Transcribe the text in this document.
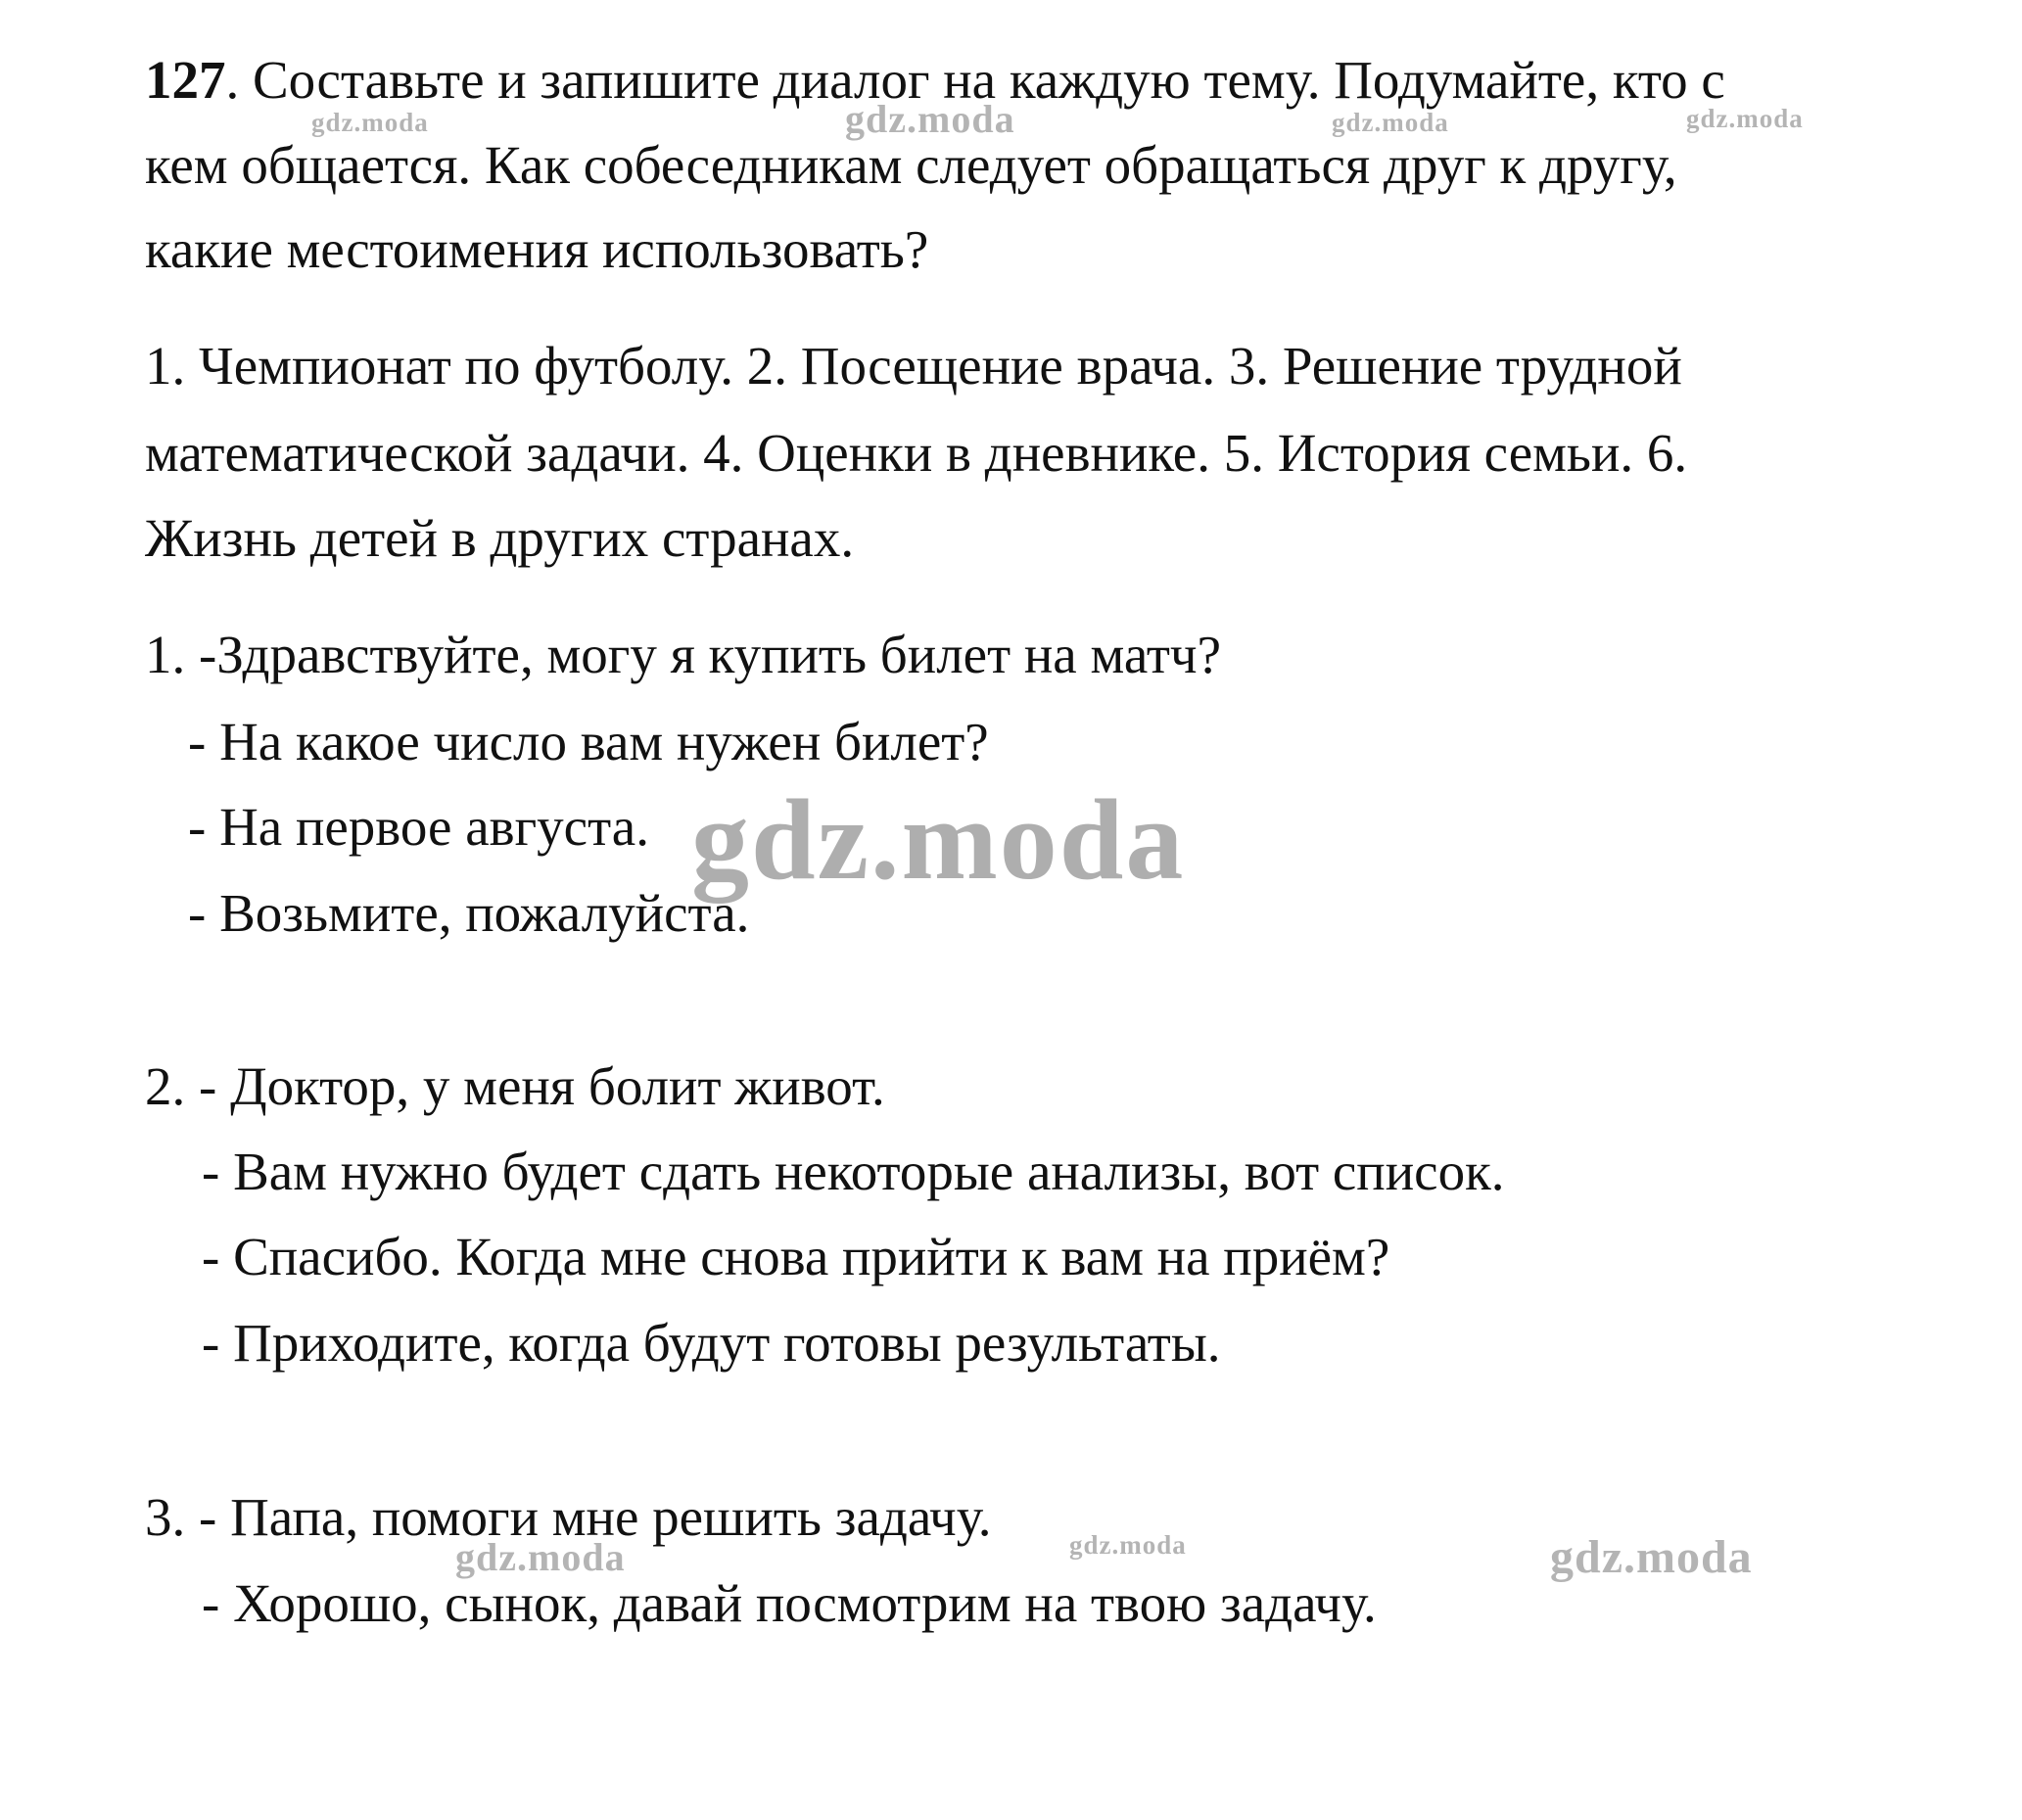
127. Составьте и запишите диалог на каждую тему. Подумайте, кто с
кем общается. Как собеседникам следует обращаться друг к другу,
какие местоимения использовать?
1. Чемпионат по футболу. 2. Посещение врача. 3. Решение трудной
математической задачи. 4. Оценки в дневнике. 5. История семьи. 6.
Жизнь детей в других странах.
1. -Здравствуйте, могу я купить билет на матч?
- На какое число вам нужен билет?
- На первое августа.
- Возьмите, пожалуйста.
2. - Доктор, у меня болит живот.
- Вам нужно будет сдать некоторые анализы, вот список.
- Спасибо. Когда мне снова прийти к вам на приём?
- Приходите, когда будут готовы результаты.
3. - Папа, помоги мне решить задачу.
- Хорошо, сынок, давай посмотрим на твою задачу.
gdz.moda	gdz.moda	gdz.moda	gdz.moda
gdz.moda
gdz.moda	gdz.moda	gdz.moda
